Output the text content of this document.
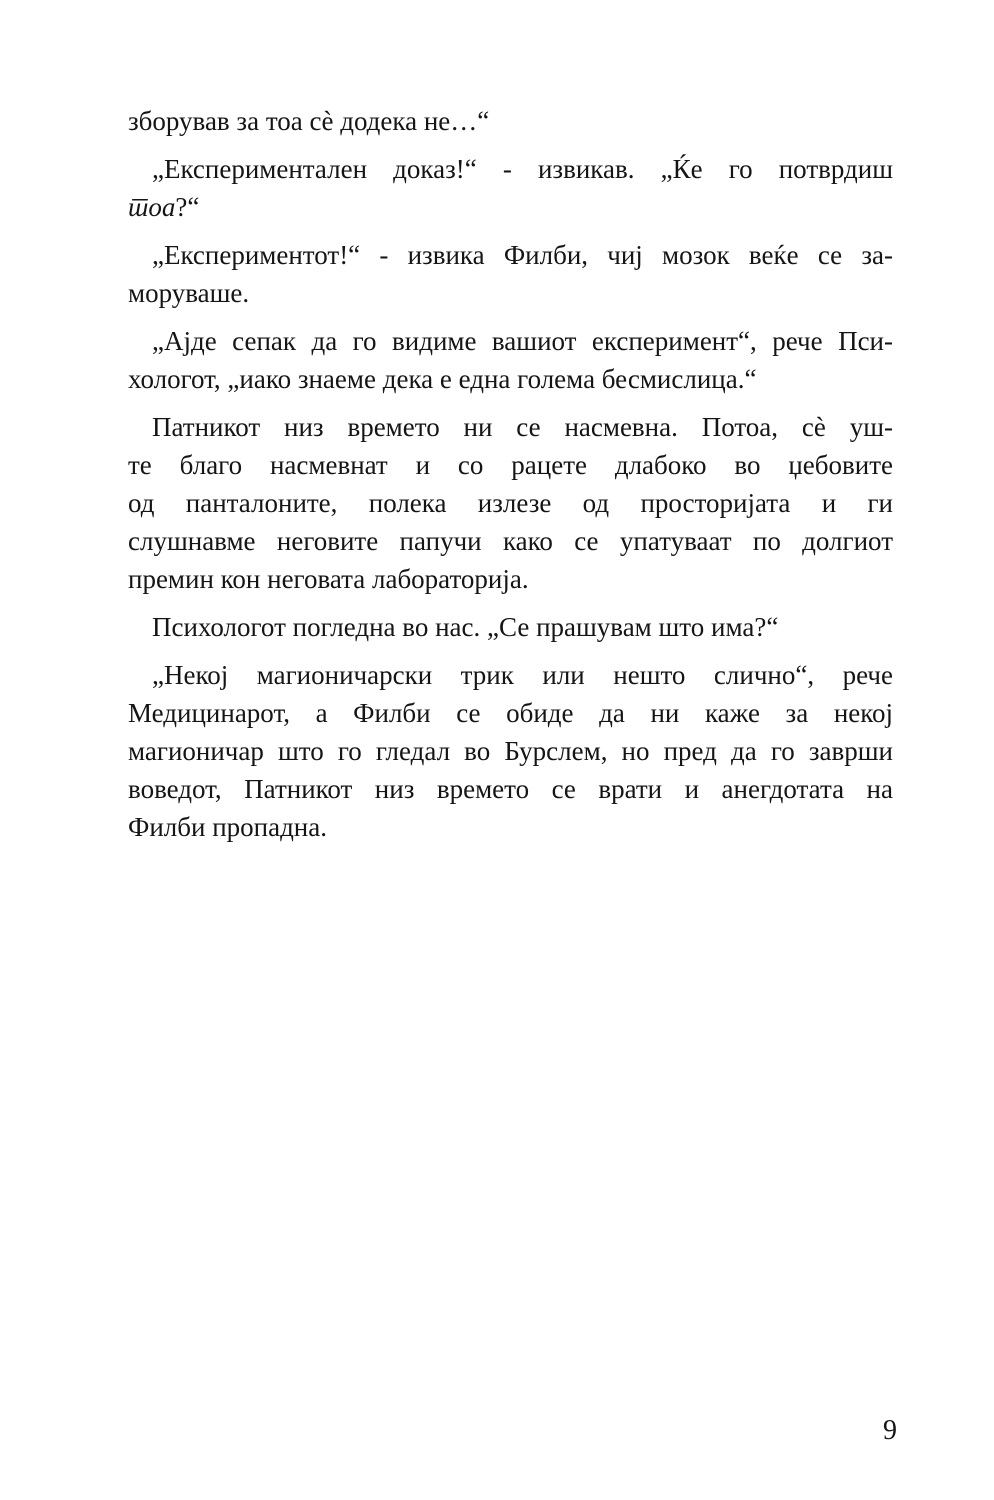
зборував за тоа сѐ додека не…“

„Експериментален доказ!“ - извикав. „Ќе го потврдиш
тоа?“

„Експериментот!“ - извика Филби, чиј мозок веќе се за-
моруваше.

„Ајде сепак да го видиме вашиот експеримент“, рече Пси-
хологот, „иако знаеме дека е една голема бесмислица.“

Патникот низ времето ни се насмевна. Потоа, сѐ уш-
те благо насмевнат и со рацете длабоко во џебовите
од панталоните, полека излезе од просторијата и ги
слушнавме неговите папучи како се упатуваат по долгиот
премин кон неговата лабораторија.

Психологот погледна во нас. „Се прашувам што има?“

„Некој магионичарски трик или нешто слично“, рече
Медицинарот, а Филби се обиде да ни каже за некој
магионичар што го гледал во Бурслем, но пред да го заврши
воведот, Патникот низ времето се врати и анегдотата на
Филби пропадна.

9
